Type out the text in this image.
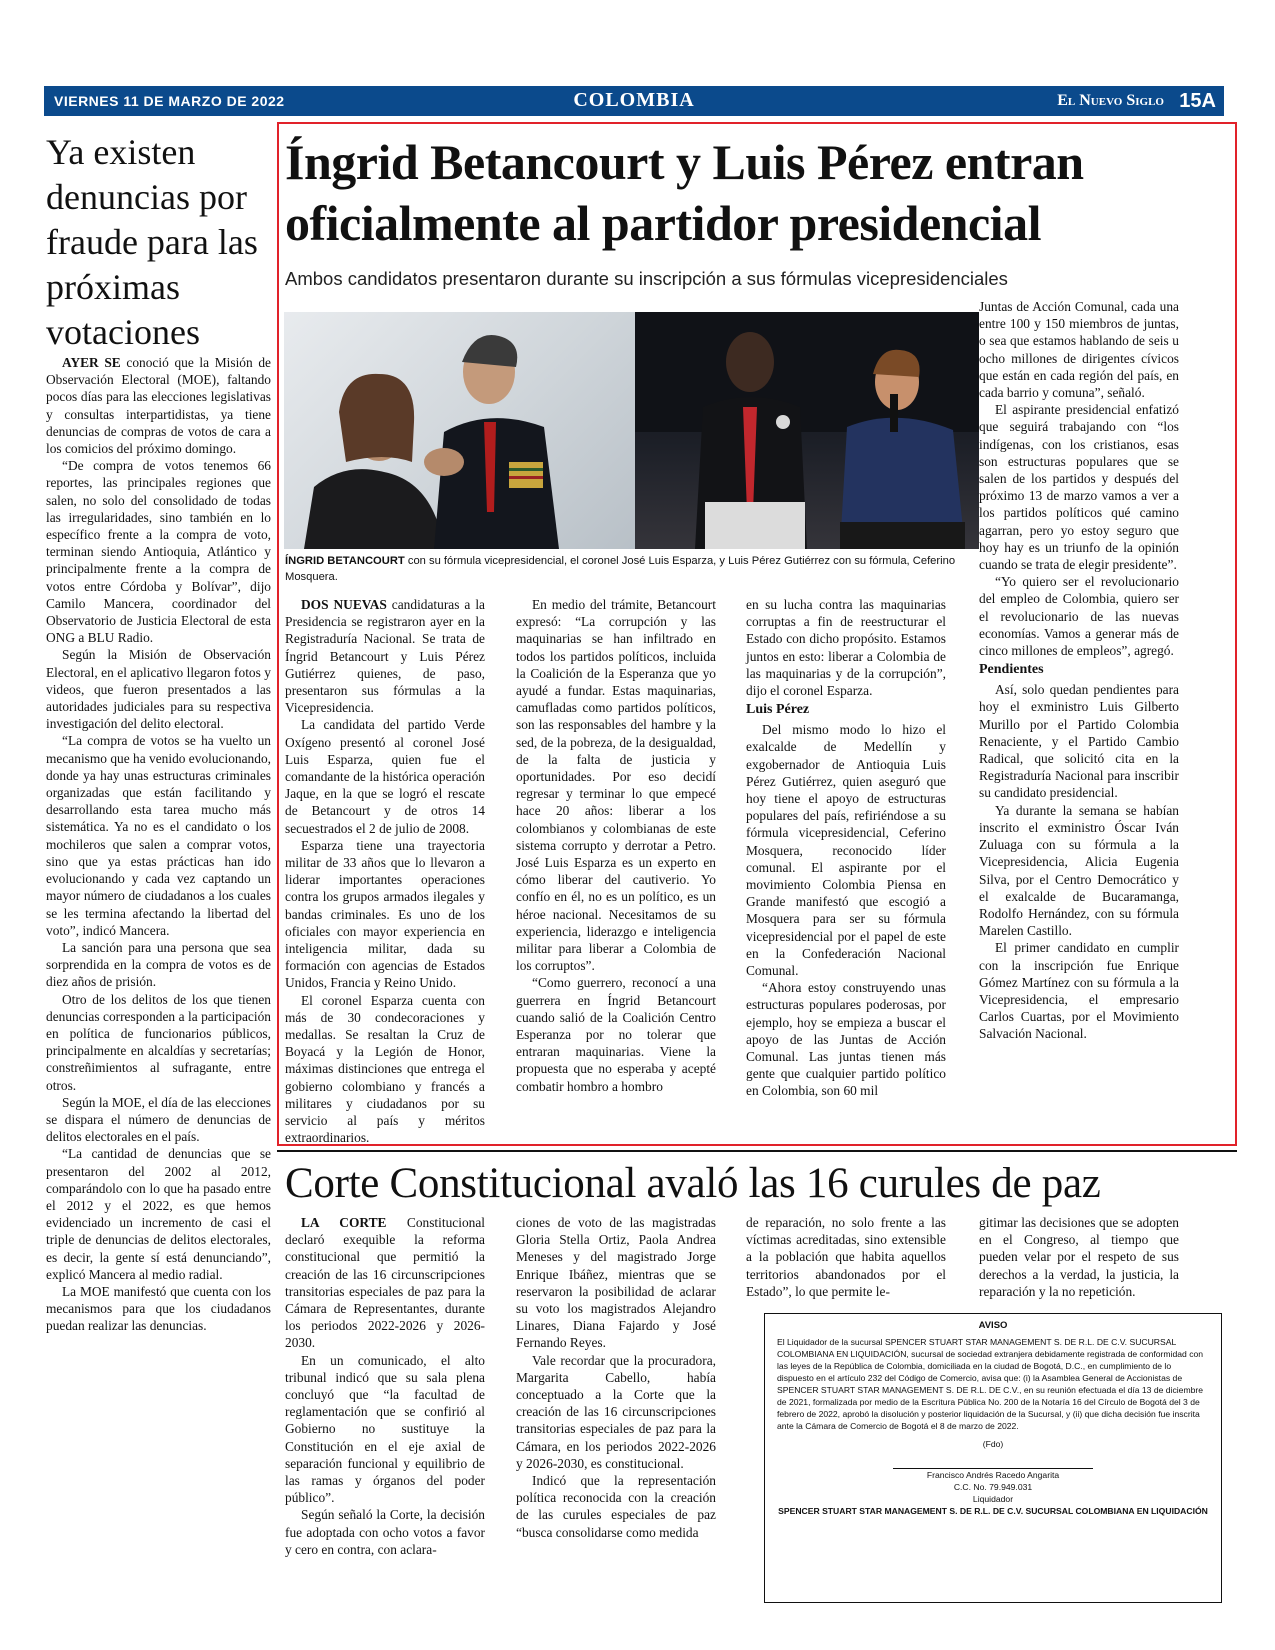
VIERNES 11 DE MARZO DE 2022	COLOMBIA	El Nuevo Siglo 15A
Ya existen denuncias por fraude para las próximas votaciones

AYER SE conoció que la Misión de Observación Electoral (MOE), faltando pocos días para las elecciones legislativas y consultas interpartidistas, ya tiene denuncias de compras de votos de cara a los comicios del próximo domingo.

“De compra de votos tenemos 66 reportes, las principales regiones que salen, no solo del consolidado de todas las irregularidades, sino también en lo específico frente a la compra de voto, terminan siendo Antioquia, Atlántico y principalmente frente a la compra de votos entre Córdoba y Bolívar”, dijo Camilo Mancera, coordinador del Observatorio de Justicia Electoral de esta ONG a BLU Radio.

Según la Misión de Observación Electoral, en el aplicativo llegaron fotos y videos, que fueron presentados a las autoridades judiciales para su respectiva investigación del delito electoral.

“La compra de votos se ha vuelto un mecanismo que ha venido evolucionando, donde ya hay unas estructuras criminales organizadas que están facilitando y desarrollando esta tarea mucho más sistemática. Ya no es el candidato o los mochileros que salen a comprar votos, sino que ya estas prácticas han ido evolucionando y cada vez captando un mayor número de ciudadanos a los cuales se les termina afectando la libertad del voto”, indicó Mancera.

La sanción para una persona que sea sorprendida en la compra de votos es de diez años de prisión.

Otro de los delitos de los que tienen denuncias corresponden a la participación en política de funcionarios públicos, principalmente en alcaldías y secretarías; constreñimientos al sufragante, entre otros.

Según la MOE, el día de las elecciones se dispara el número de denuncias de delitos electorales en el país.

“La cantidad de denuncias que se presentaron del 2002 al 2012, comparándolo con lo que ha pasado entre el 2012 y el 2022, es que hemos evidenciado un incremento de casi el triple de denuncias de delitos electorales, es decir, la gente sí está denunciando”, explicó Mancera al medio radial.

La MOE manifestó que cuenta con los mecanismos para que los ciudadanos puedan realizar las denuncias.

Íngrid Betancourt y Luis Pérez entran oficialmente al partidor presidencial
Ambos candidatos presentaron durante su inscripción a sus fórmulas vicepresidenciales
ÍNGRID BETANCOURT con su fórmula vicepresidencial, el coronel José Luis Esparza, y Luis Pérez Gutiérrez con su fórmula, Ceferino Mosquera.

DOS NUEVAS candidaturas a la Presidencia se registraron ayer en la Registraduría Nacional. Se trata de Íngrid Betancourt y Luis Pérez Gutiérrez quienes, de paso, presentaron sus fórmulas a la Vicepresidencia.

La candidata del partido Verde Oxígeno presentó al coronel José Luis Esparza, quien fue el comandante de la histórica operación Jaque, en la que se logró el rescate de Betancourt y de otros 14 secuestrados el 2 de julio de 2008.

Esparza tiene una trayectoria militar de 33 años que lo llevaron a liderar importantes operaciones contra los grupos armados ilegales y bandas criminales. Es uno de los oficiales con mayor experiencia en inteligencia militar, dada su formación con agencias de Estados Unidos, Francia y Reino Unido.

El coronel Esparza cuenta con más de 30 condecoraciones y medallas. Se resaltan la Cruz de Boyacá y la Legión de Honor, máximas distinciones que entrega el gobierno colombiano y francés a militares y ciudadanos por su servicio al país y méritos extraordinarios.

En medio del trámite, Betancourt expresó: “La corrupción y las maquinarias se han infiltrado en todos los partidos políticos, incluida la Coalición de la Esperanza que yo ayudé a fundar. Estas maquinarias, camufladas como partidos políticos, son las responsables del hambre y la sed, de la pobreza, de la desigualdad, de la falta de justicia y oportunidades. Por eso decidí regresar y terminar lo que empecé hace 20 años: liberar a los colombianos y colombianas de este sistema corrupto y derrotar a Petro. José Luis Esparza es un experto en cómo liberar del cautiverio. Yo confío en él, no es un político, es un héroe nacional. Necesitamos de su experiencia, liderazgo e inteligencia militar para liberar a Colombia de los corruptos”.

“Como guerrero, reconocí a una guerrera en Íngrid Betancourt cuando salió de la Coalición Centro Esperanza por no tolerar que entraran maquinarias. Viene la propuesta que no esperaba y acepté combatir hombro a hombro

en su lucha contra las maquinarias corruptas a fin de reestructurar el Estado con dicho propósito. Estamos juntos en esto: liberar a Colombia de las maquinarias y de la corrupción”, dijo el coronel Esparza.

Luis Pérez

Del mismo modo lo hizo el exalcalde de Medellín y exgobernador de Antioquia Luis Pérez Gutiérrez, quien aseguró que hoy tiene el apoyo de estructuras populares del país, refiriéndose a su fórmula vicepresidencial, Ceferino Mosquera, reconocido líder comunal. El aspirante por el movimiento Colombia Piensa en Grande manifestó que escogió a Mosquera para ser su fórmula vicepresidencial por el papel de este en la Confederación Nacional Comunal.

“Ahora estoy construyendo unas estructuras populares poderosas, por ejemplo, hoy se empieza a buscar el apoyo de las Juntas de Acción Comunal. Las juntas tienen más gente que cualquier partido político en Colombia, son 60 mil

Juntas de Acción Comunal, cada una entre 100 y 150 miembros de juntas, o sea que estamos hablando de seis u ocho millones de dirigentes cívicos que están en cada región del país, en cada barrio y comuna”, señaló.

El aspirante presidencial enfatizó que seguirá trabajando con “los indígenas, con los cristianos, esas son estructuras populares que se salen de los partidos y después del próximo 13 de marzo vamos a ver a los partidos políticos qué camino agarran, pero yo estoy seguro que hoy hay es un triunfo de la opinión cuando se trata de elegir presidente”.

“Yo quiero ser el revolucionario del empleo de Colombia, quiero ser el revolucionario de las nuevas economías. Vamos a generar más de cinco millones de empleos”, agregó.

Pendientes

Así, solo quedan pendientes para hoy el exministro Luis Gilberto Murillo por el Partido Colombia Renaciente, y el Partido Cambio Radical, que solicitó cita en la Registraduría Nacional para inscribir su candidato presidencial.

Ya durante la semana se habían inscrito el exministro Óscar Iván Zuluaga con su fórmula a la Vicepresidencia, Alicia Eugenia Silva, por el Centro Democrático y el exalcalde de Bucaramanga, Rodolfo Hernández, con su fórmula Marelen Castillo.

El primer candidato en cumplir con la inscripción fue Enrique Gómez Martínez con su fórmula a la Vicepresidencia, el empresario Carlos Cuartas, por el Movimiento Salvación Nacional.

Corte Constitucional avaló las 16 curules de paz

LA CORTE Constitucional declaró exequible la reforma constitucional que permitió la creación de las 16 circunscripciones transitorias especiales de paz para la Cámara de Representantes, durante los periodos 2022-2026 y 2026-2030.

En un comunicado, el alto tribunal indicó que su sala plena concluyó que “la facultad de reglamentación que se confirió al Gobierno no sustituye la Constitución en el eje axial de separación funcional y equilibrio de las ramas y órganos del poder público”.

Según señaló la Corte, la decisión fue adoptada con ocho votos a favor y cero en contra, con aclara-

ciones de voto de las magistradas Gloria Stella Ortiz, Paola Andrea Meneses y del magistrado Jorge Enrique Ibáñez, mientras que se reservaron la posibilidad de aclarar su voto los magistrados Alejandro Linares, Diana Fajardo y José Fernando Reyes.

Vale recordar que la procuradora, Margarita Cabello, había conceptuado a la Corte que la creación de las 16 circunscripciones transitorias especiales de paz para la Cámara, en los periodos 2022-2026 y 2026-2030, es constitucional.

Indicó que la representación política reconocida con la creación de las curules especiales de paz “busca consolidarse como medida

de reparación, no solo frente a las víctimas acreditadas, sino extensible a la población que habita aquellos territorios abandonados por el Estado”, lo que permite le-

gitimar las decisiones que se adopten en el Congreso, al tiempo que pueden velar por el respeto de sus derechos a la verdad, la justicia, la reparación y la no repetición.

AVISO
El Liquidador de la sucursal SPENCER STUART STAR MANAGEMENT S. DE R.L. DE C.V. SUCURSAL COLOMBIANA EN LIQUIDACIÓN, sucursal de sociedad extranjera debidamente registrada de conformidad con las leyes de la República de Colombia, domiciliada en la ciudad de Bogotá, D.C., en cumplimiento de lo dispuesto en el artículo 232 del Código de Comercio, avisa que: (i) la Asamblea General de Accionistas de SPENCER STUART STAR MANAGEMENT S. DE R.L. DE C.V., en su reunión efectuada el día 13 de diciembre de 2021, formalizada por medio de la Escritura Pública No. 200 de la Notaría 16 del Círculo de Bogotá del 3 de febrero de 2022, aprobó la disolución y posterior liquidación de la Sucursal, y (ii) que dicha decisión fue inscrita ante la Cámara de Comercio de Bogotá el 8 de marzo de 2022.
(Fdo)
Francisco Andrés Racedo Angarita
C.C. No. 79.949.031
Liquidador
SPENCER STUART STAR MANAGEMENT S. DE R.L. DE C.V. SUCURSAL COLOMBIANA EN LIQUIDACIÓN
